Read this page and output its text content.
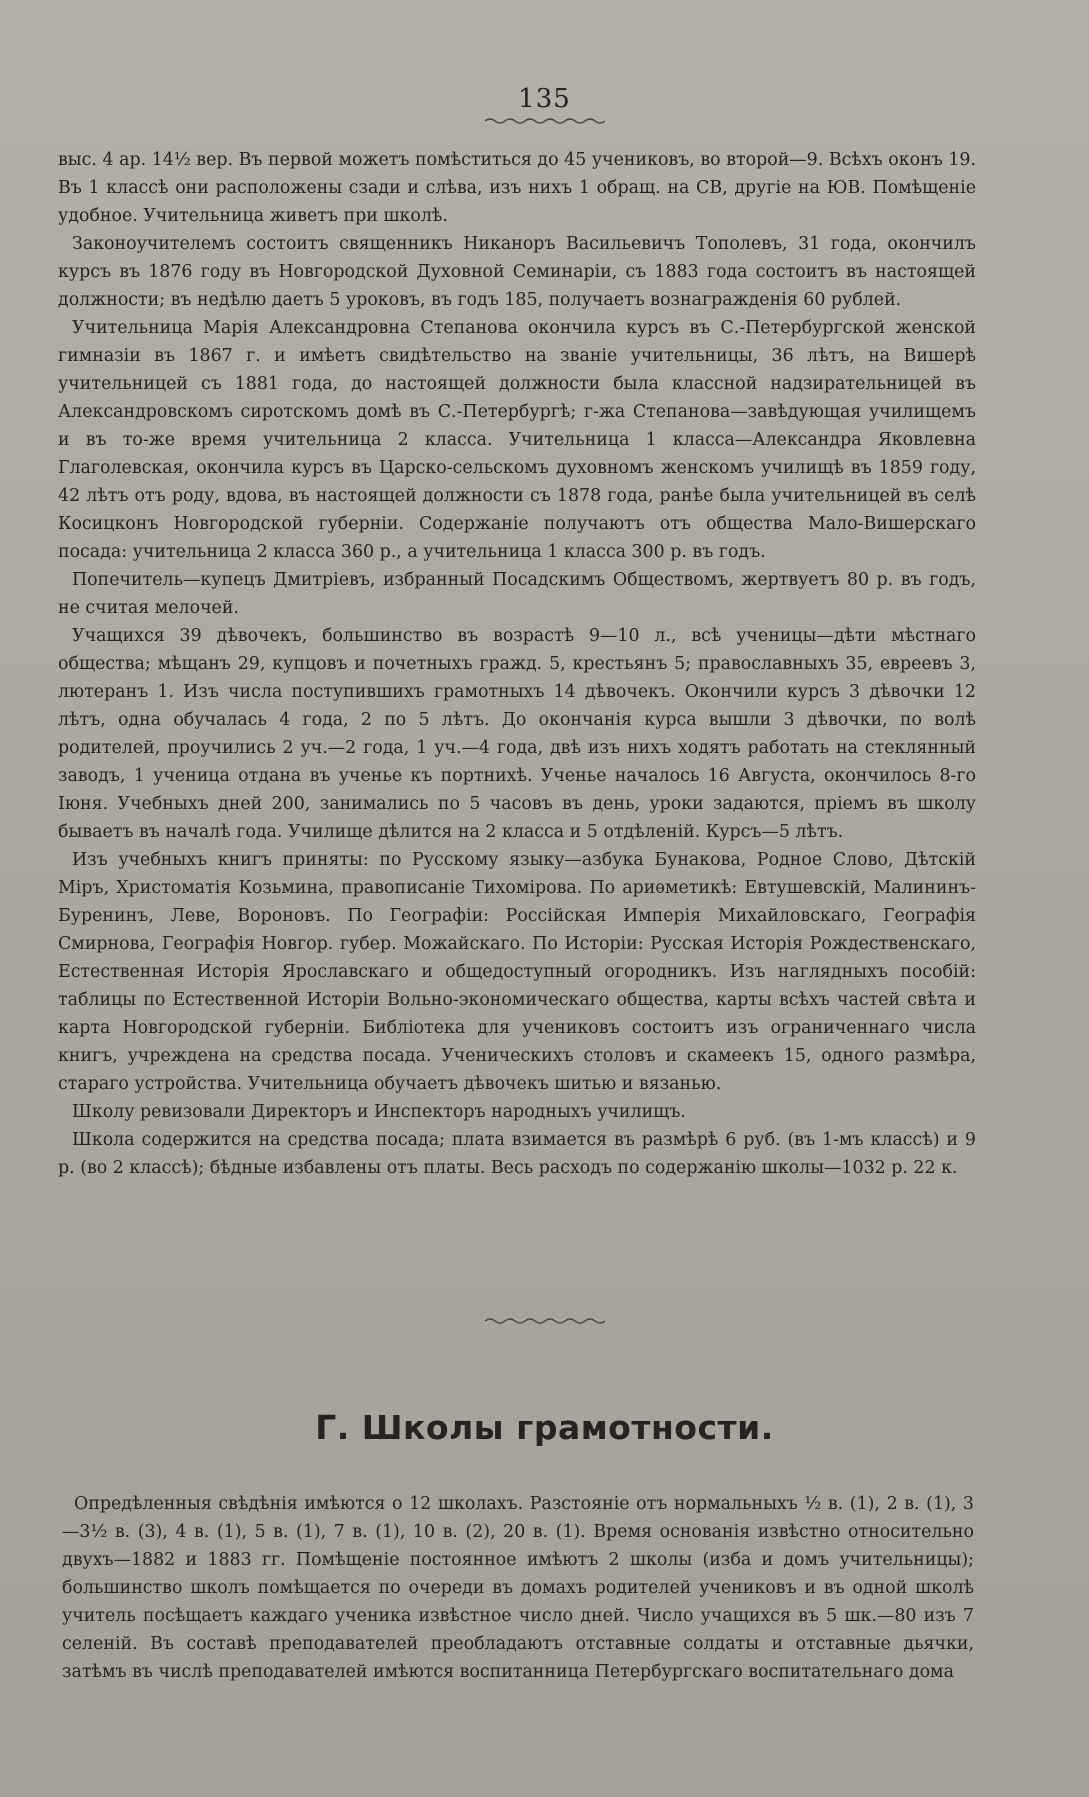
135

выс. 4 ар. 14½ вер. Въ первой можетъ помѣститься до 45 учениковъ, во второй—9. Всѣхъ оконъ 19. Въ 1 классѣ они расположены сзади и слѣва, изъ нихъ 1 обращ. на СВ, другіе на ЮВ. Помѣщеніе удобное. Учительница живетъ при школѣ.

Законоучителемъ состоитъ священникъ Никаноръ Васильевичъ Тополевъ, 31 года, окончилъ курсъ въ 1876 году въ Новгородской Духовной Семинаріи, съ 1883 года состоитъ въ настоящей должности; въ недѣлю даетъ 5 уроковъ, въ годъ 185, получаетъ вознагражденія 60 рублей.

Учительница Марія Александровна Степанова окончила курсъ въ С.-Петербургской женской гимназіи въ 1867 г. и имѣетъ свидѣтельство на званіе учительницы, 36 лѣтъ, на Вишерѣ учительницей съ 1881 года, до настоящей должности была классной надзирательницей въ Александровскомъ сиротскомъ домѣ въ С.-Петербургѣ; г-жа Степанова—завѣдующая училищемъ и въ то-же время учительница 2 класса. Учительница 1 класса—Александра Яковлевна Глаголевская, окончила курсъ въ Царско-сельскомъ духовномъ женскомъ училищѣ въ 1859 году, 42 лѣтъ отъ роду, вдова, въ настоящей должности съ 1878 года, ранѣе была учительницей въ селѣ Косицконъ Новгородской губерніи. Содержаніе получаютъ отъ общества Мало-Вишерскаго посада: учительница 2 класса 360 р., а учительница 1 класса 300 р. въ годъ.

Попечитель—купецъ Дмитріевъ, избранный Посадскимъ Обществомъ, жертвуетъ 80 р. въ годъ, не считая мелочей.

Учащихся 39 дѣвочекъ, большинство въ возрастѣ 9—10 л., всѣ ученицы—дѣти мѣстнаго общества; мѣщанъ 29, купцовъ и почетныхъ гражд. 5, крестьянъ 5; православныхъ 35, евреевъ 3, лютеранъ 1. Изъ числа поступившихъ грамотныхъ 14 дѣвочекъ. Окончили курсъ 3 дѣвочки 12 лѣтъ, одна обучалась 4 года, 2 по 5 лѣтъ. До окончанія курса вышли 3 дѣвочки, по волѣ родителей, проучились 2 уч.—2 года, 1 уч.—4 года, двѣ изъ нихъ ходятъ работать на стеклянный заводъ, 1 ученица отдана въ ученье къ портнихѣ. Ученье началось 16 Августа, окончилось 8-го Іюня. Учебныхъ дней 200, занимались по 5 часовъ въ день, уроки задаются, пріемъ въ школу бываетъ въ началѣ года. Училище дѣлится на 2 класса и 5 отдѣленій. Курсъ—5 лѣтъ.

Изъ учебныхъ книгъ приняты: по Русскому языку—азбука Бунакова, Родное Слово, Дѣтскій Міръ, Христоматія Козьмина, правописаніе Тихоміровa. По ариѳметикѣ: Евтушевскій, Малининъ-Буренинъ, Леве, Вороновъ. По Географіи: Россійская Имперія Михайловскаго, Географія Смирнова, Географія Новгор. губер. Можайскаго. По Исторіи: Русская Исторія Рождественскаго, Естественная Исторія Ярославскаго и общедоступный огородникъ. Изъ наглядныхъ пособій: таблицы по Естественной Исторіи Вольно-экономическаго общества, карты всѣхъ частей свѣта и карта Новгородской губерніи. Библіотека для учениковъ состоитъ изъ ограниченнаго числа книгъ, учреждена на средства посада. Ученическихъ столовъ и скамеекъ 15, одного размѣра, стараго устройства. Учительница обучаетъ дѣвочекъ шитью и вязанью.

Школу ревизовали Директоръ и Инспекторъ народныхъ училищъ.

Школа содержится на средства посада; плата взимается въ размѣрѣ 6 руб. (въ 1-мъ классѣ) и 9 р. (во 2 классѣ); бѣдные избавлены отъ платы. Весь расходъ по содержанію школы—1032 р. 22 к.

Г. Школы грамотности.

Опредѣленныя свѣдѣнія имѣются о 12 школахъ. Разстояніе отъ нормальныхъ ½ в. (1), 2 в. (1), 3—3½ в. (3), 4 в. (1), 5 в. (1), 7 в. (1), 10 в. (2), 20 в. (1). Время основанія извѣстно относительно двухъ—1882 и 1883 гг. Помѣщеніе постоянное имѣютъ 2 школы (изба и домъ учительницы); большинство школъ помѣщается по очереди въ домахъ родителей учениковъ и въ одной школѣ учитель посѣщаетъ каждаго ученика извѣстное число дней. Число учащихся въ 5 шк.—80 изъ 7 селеній. Въ составѣ преподавателей преобладаютъ отставные солдаты и отставные дьячки, затѣмъ въ числѣ преподавателей имѣются воспитанница Петербургскаго воспитательнаго дома
